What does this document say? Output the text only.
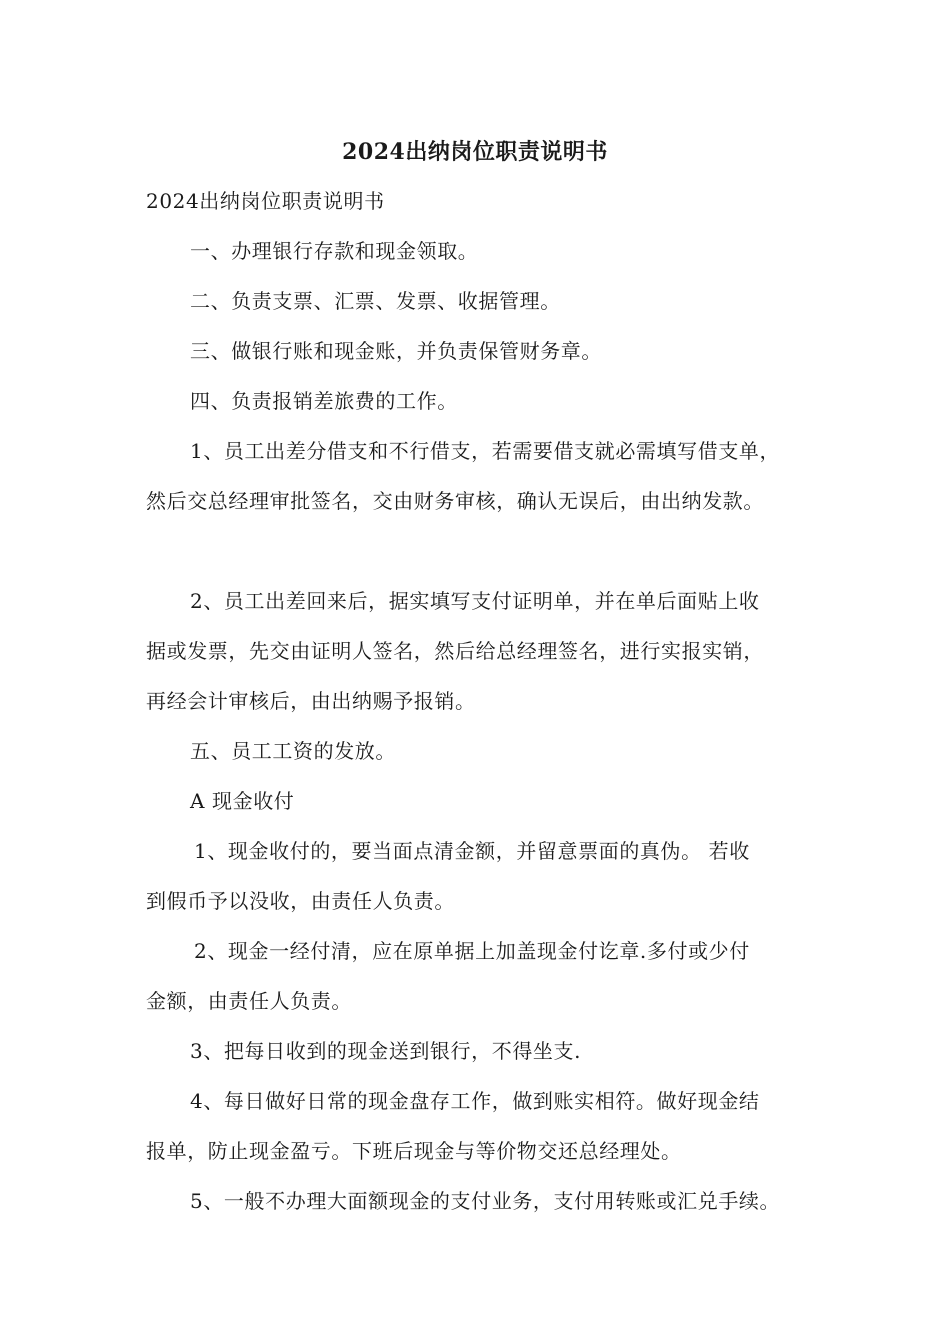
2024出纳岗位职责说明书
2024出纳岗位职责说明书
一、办理银行存款和现金领取。
二、负责支票、汇票、发票、收据管理。
三、做银行账和现金账，并负责保管财务章。
四、负责报销差旅费的工作。
1、员工出差分借支和不行借支，若需要借支就必需填写借支单，
然后交总经理审批签名，交由财务审核，确认无误后，由出纳发款。
2、员工出差回来后，据实填写支付证明单，并在单后面贴上收
据或发票，先交由证明人签名，然后给总经理签名，进行实报实销，
再经会计审核后，由出纳赐予报销。
五、员工工资的发放。
A 现金收付
1、现金收付的，要当面点清金额，并留意票面的真伪。 若收
到假币予以没收，由责任人负责。
2、现金一经付清，应在原单据上加盖现金付讫章.多付或少付
金额，由责任人负责。
3、把每日收到的现金送到银行，不得坐支.
4、每日做好日常的现金盘存工作，做到账实相符。做好现金结
报单，防止现金盈亏。下班后现金与等价物交还总经理处。
5、一般不办理大面额现金的支付业务，支付用转账或汇兑手续。
